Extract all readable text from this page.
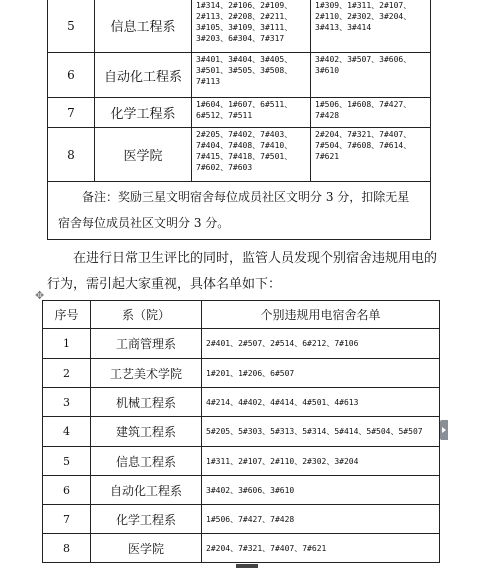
5	信息工程系	1#314、2#106、2#109、2#113、2#208、2#211、3#105、3#109、3#111、3#203、6#304、7#317	1#309、1#311、2#107、2#110、2#302、3#204、3#413、3#414
6	自动化工程系	3#401、3#404、3#405、3#501、3#505、3#508、7#113	3#402、3#507、3#606、3#610
7	化学工程系	1#604、1#607、6#511、6#512、7#511	1#506、1#608、7#427、7#428
8	医学院	2#205、7#402、7#403、7#404、7#408、7#410、7#415、7#418、7#501、7#602、7#603	2#204、7#321、7#407、7#504、7#608、7#614、7#621
备注：奖励三星文明宿舍每位成员社区文明分 3 分，扣除无星宿舍每位成员社区文明分 3 分。			

在进行日常卫生评比的同时，监管人员发现个别宿舍违规用电的行为，需引起大家重视，具体名单如下：

✥
序号	系（院）	个别违规用电宿舍名单
1	工商管理系	2#401、2#507、2#514、6#212、7#106
2	工艺美术学院	1#201、1#206、6#507
3	机械工程系	4#214、4#402、4#414、4#501、4#613
4	建筑工程系	5#205、5#303、5#313、5#314、5#414、5#504、5#507
5	信息工程系	1#311、2#107、2#110、2#302、3#204
6	自动化工程系	3#402、3#606、3#610
7	化学工程系	1#506、7#427、7#428
8	医学院	2#204、7#321、7#407、7#621
